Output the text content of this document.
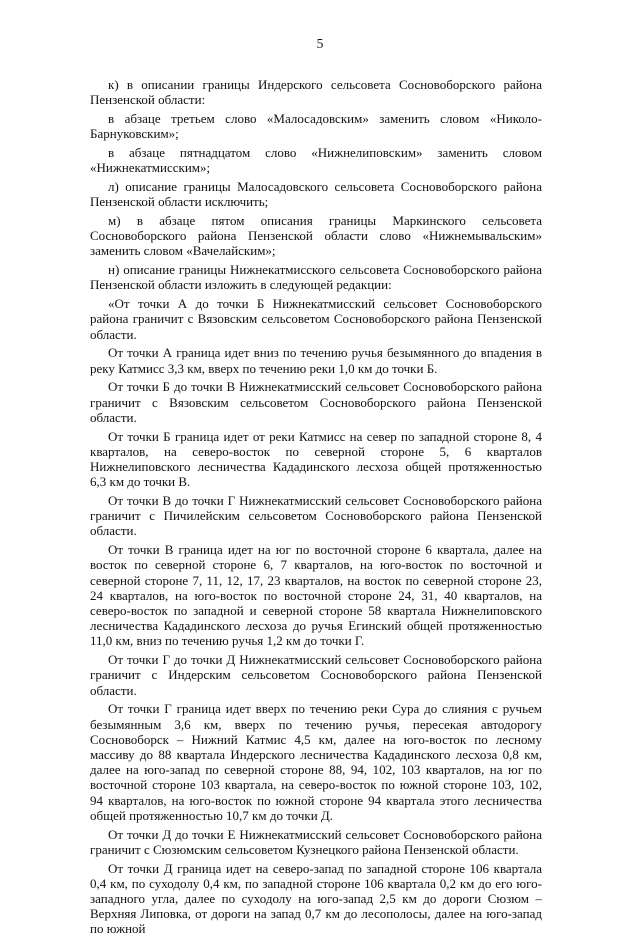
5

к) в описании границы Индерского сельсовета Сосновоборского района Пензенской области:

в абзаце третьем слово «Малосадовским» заменить словом «Николо-Барнуковским»;

в абзаце пятнадцатом слово «Нижнелиповским» заменить словом «Нижнекатмисским»;

л) описание границы Малосадовского сельсовета Сосновоборского района Пензенской области исключить;

м) в абзаце пятом описания границы Маркинского сельсовета Сосновоборского района Пензенской области слово «Нижнемывальским» заменить словом «Вачелайским»;

н) описание границы Нижнекатмисского сельсовета Сосновоборского района Пензенской области изложить в следующей редакции:

«От точки А до точки Б Нижнекатмисский сельсовет Сосновоборского района граничит с Вязовским сельсоветом Сосновоборского района Пензенской области.

От точки А граница идет вниз по течению ручья безымянного до впадения в реку Катмисс 3,3 км, вверх по течению реки 1,0 км до точки Б.

От точки Б до точки В Нижнекатмисский сельсовет Сосновоборского района граничит с Вязовским сельсоветом Сосновоборского района Пензенской области.

От точки Б граница идет от реки Катмисс на север по западной стороне 8, 4 кварталов, на северо-восток по северной стороне 5, 6 кварталов Нижнелиповского лесничества Кададинского лесхоза общей протяженностью 6,3 км до точки В.

От точки В до точки Г Нижнекатмисский сельсовет Сосновоборского района граничит с Пичилейским сельсоветом Сосновоборского района Пензенской области.

От точки В граница идет на юг по восточной стороне 6 квартала, далее на восток по северной стороне 6, 7 кварталов, на юго-восток по восточной и северной стороне 7, 11, 12, 17, 23 кварталов, на восток по северной стороне 23, 24 кварталов, на юго-восток по восточной стороне 24, 31, 40 кварталов, на северо-восток по западной и северной стороне 58 квартала Нижнелиповского лесничества Кададинского лесхоза до ручья Егинский общей протяженностью 11,0 км, вниз по течению ручья 1,2 км до точки Г.

От точки Г до точки Д Нижнекатмисский сельсовет Сосновоборского района граничит с Индерским сельсоветом Сосновоборского района Пензенской области.

От точки Г граница идет вверх по течению реки Сура до слияния с ручьем безымянным 3,6 км, вверх по течению ручья, пересекая автодорогу Сосновоборск – Нижний Катмис 4,5 км, далее на юго-восток по лесному массиву до 88 квартала Индерского лесничества Кададинского лесхоза 0,8 км, далее на юго-запад по северной стороне 88, 94, 102, 103 кварталов, на юг по восточной стороне 103 квартала, на северо-восток по южной стороне 103, 102, 94 кварталов, на юго-восток по южной стороне 94 квартала этого лесничества общей протяженностью 10,7 км до точки Д.

От точки Д до точки Е Нижнекатмисский сельсовет Сосновоборского района граничит с Сюзюмским сельсоветом Кузнецкого района Пензенской области.

От точки Д граница идет на северо-запад по западной стороне 106 квартала 0,4 км, по суходолу 0,4 км, по западной стороне 106 квартала 0,2 км до его юго-западного угла, далее по суходолу на юго-запад 2,5 км до дороги Сюзюм – Верхняя Липовка, от дороги на запад 0,7 км до лесополосы, далее на юго-запад по южной
